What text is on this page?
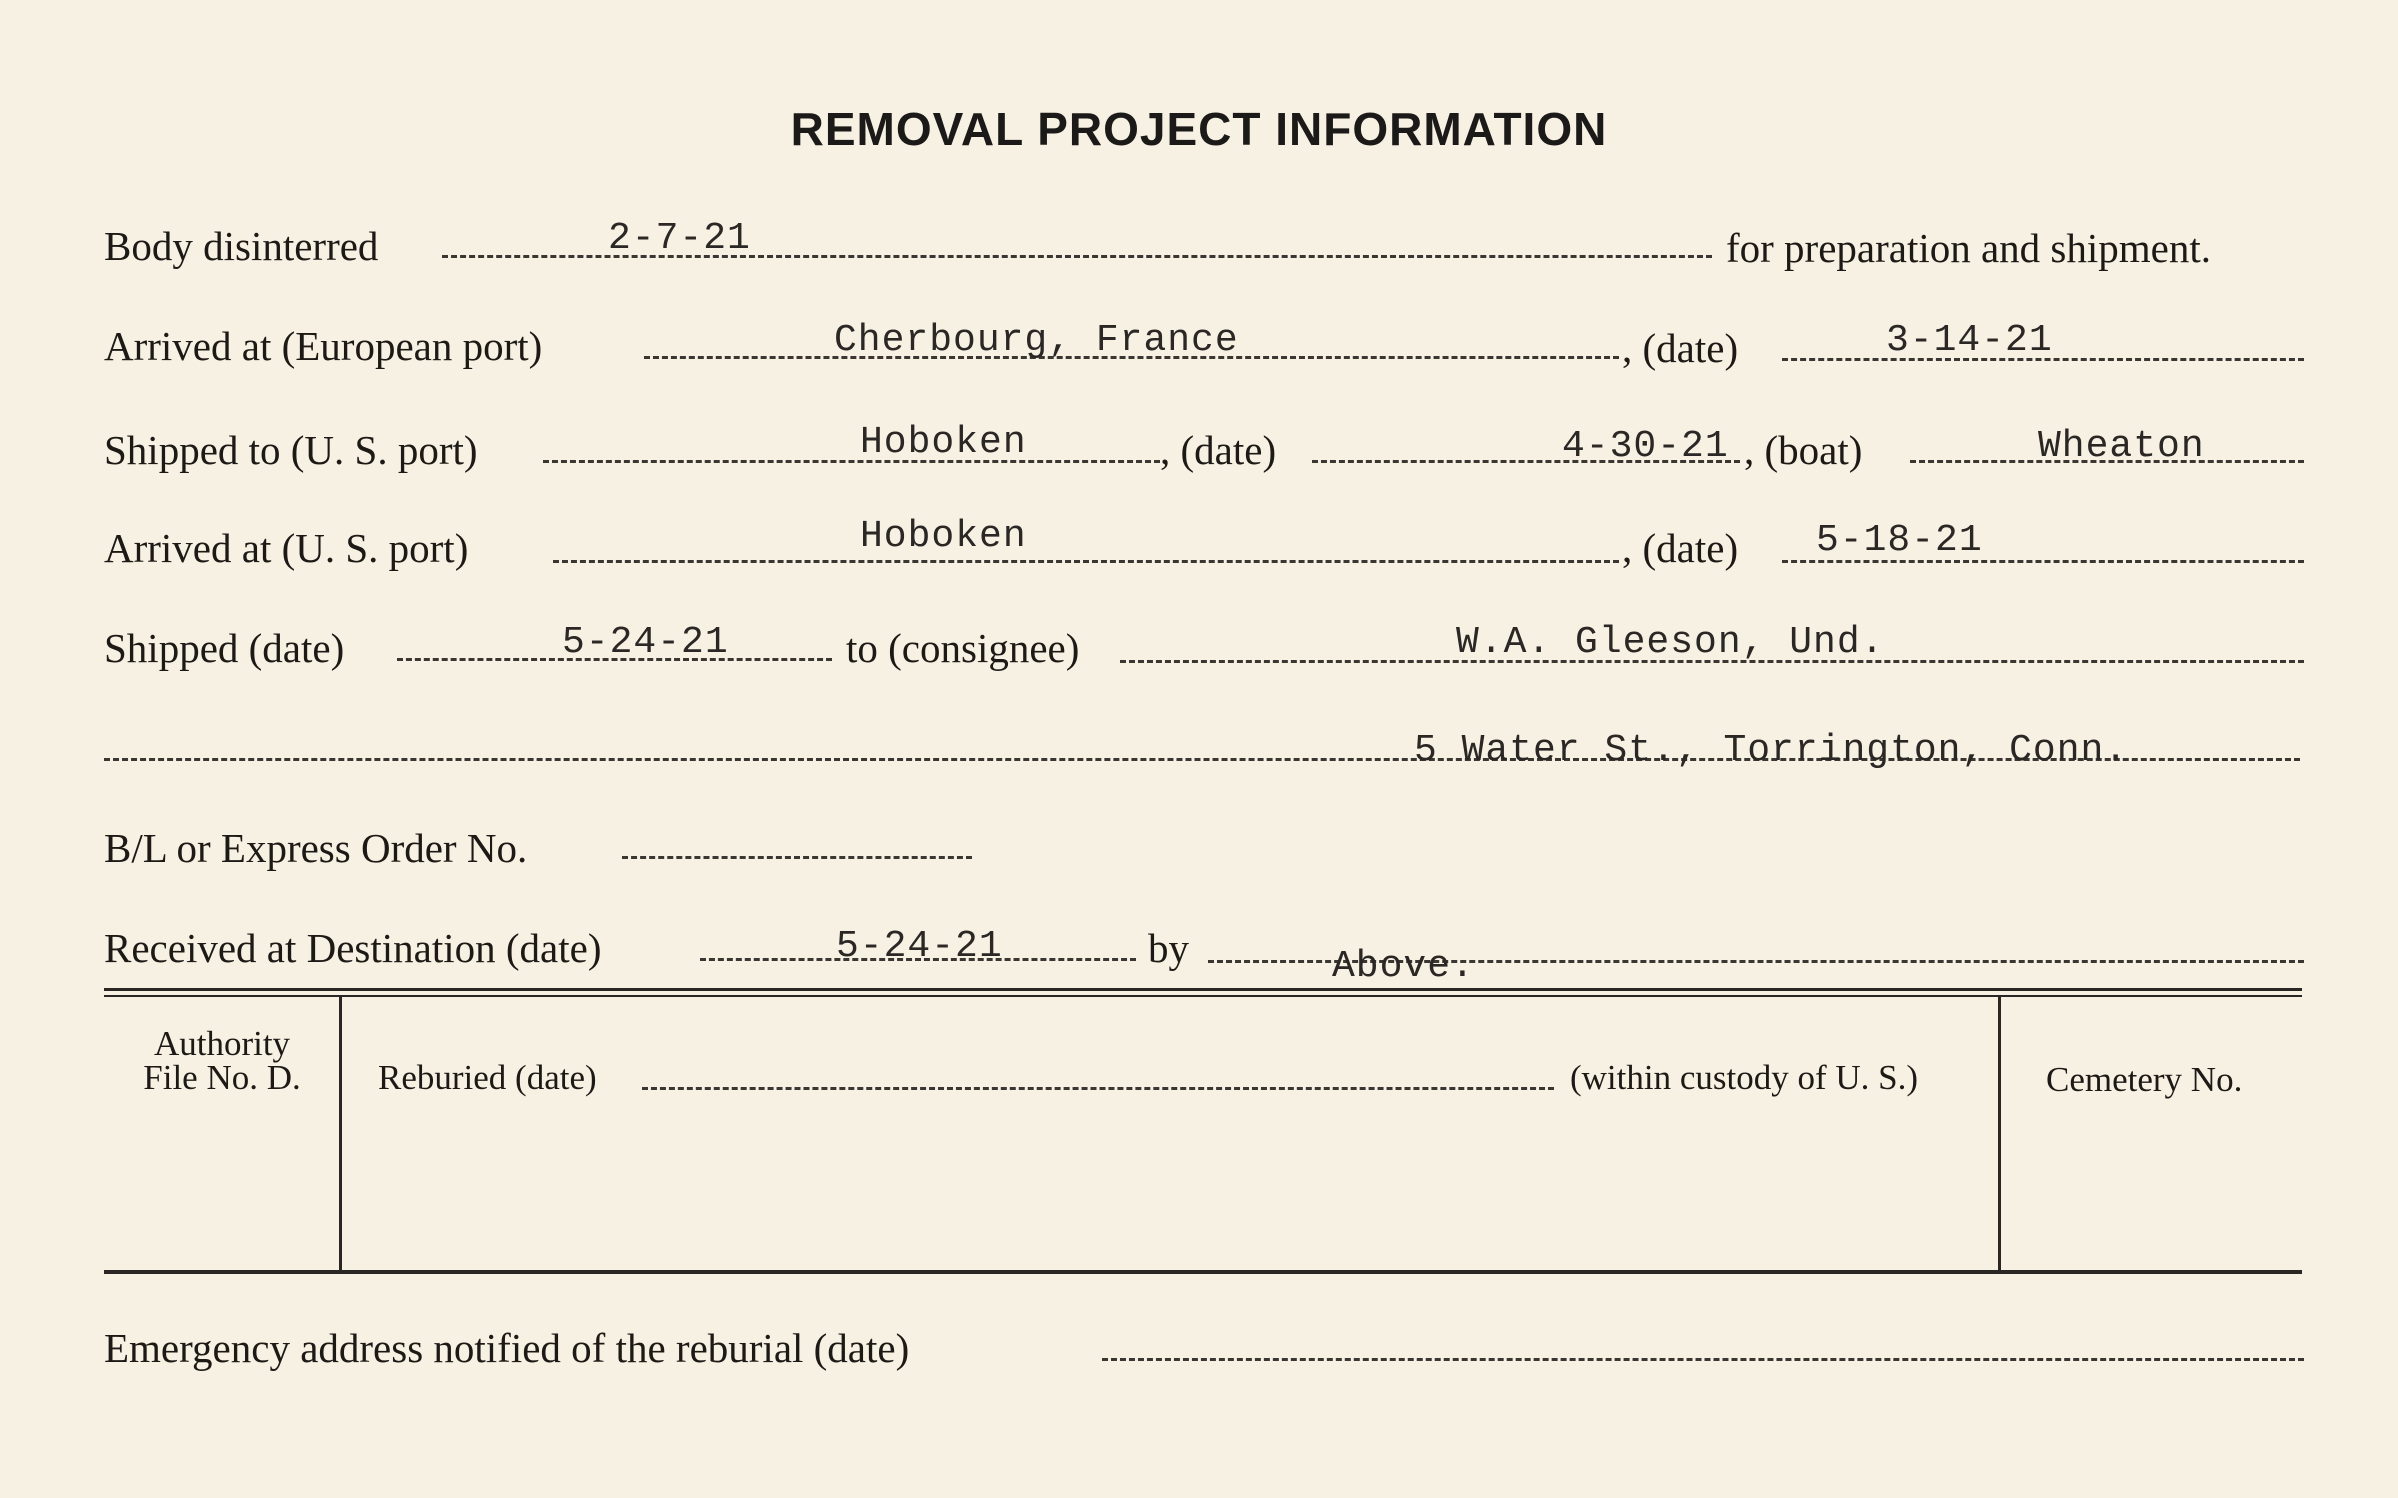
REMOVAL PROJECT INFORMATION
Body disinterred	2-7-21	for preparation and shipment.
Arrived at (European port)	Cherbourg, France	, (date)	3-14-21
Shipped to (U. S. port)	Hoboken	, (date)	4-30-21 , (boat)	Wheaton
Arrived at (U. S. port)	Hoboken	, (date) 5-18-21
Shipped (date)	5-24-21	to (consignee)	W.A. Gleeson, Und.
5 Water St., Torrington, Conn.
B/L or Express Order No.
Received at Destination (date)	5-24-21	by	Above.
Authority
File No. D.	Reburied (date)	(within custody of U. S.)	Cemetery No.
Emergency address notified of the reburial (date)
